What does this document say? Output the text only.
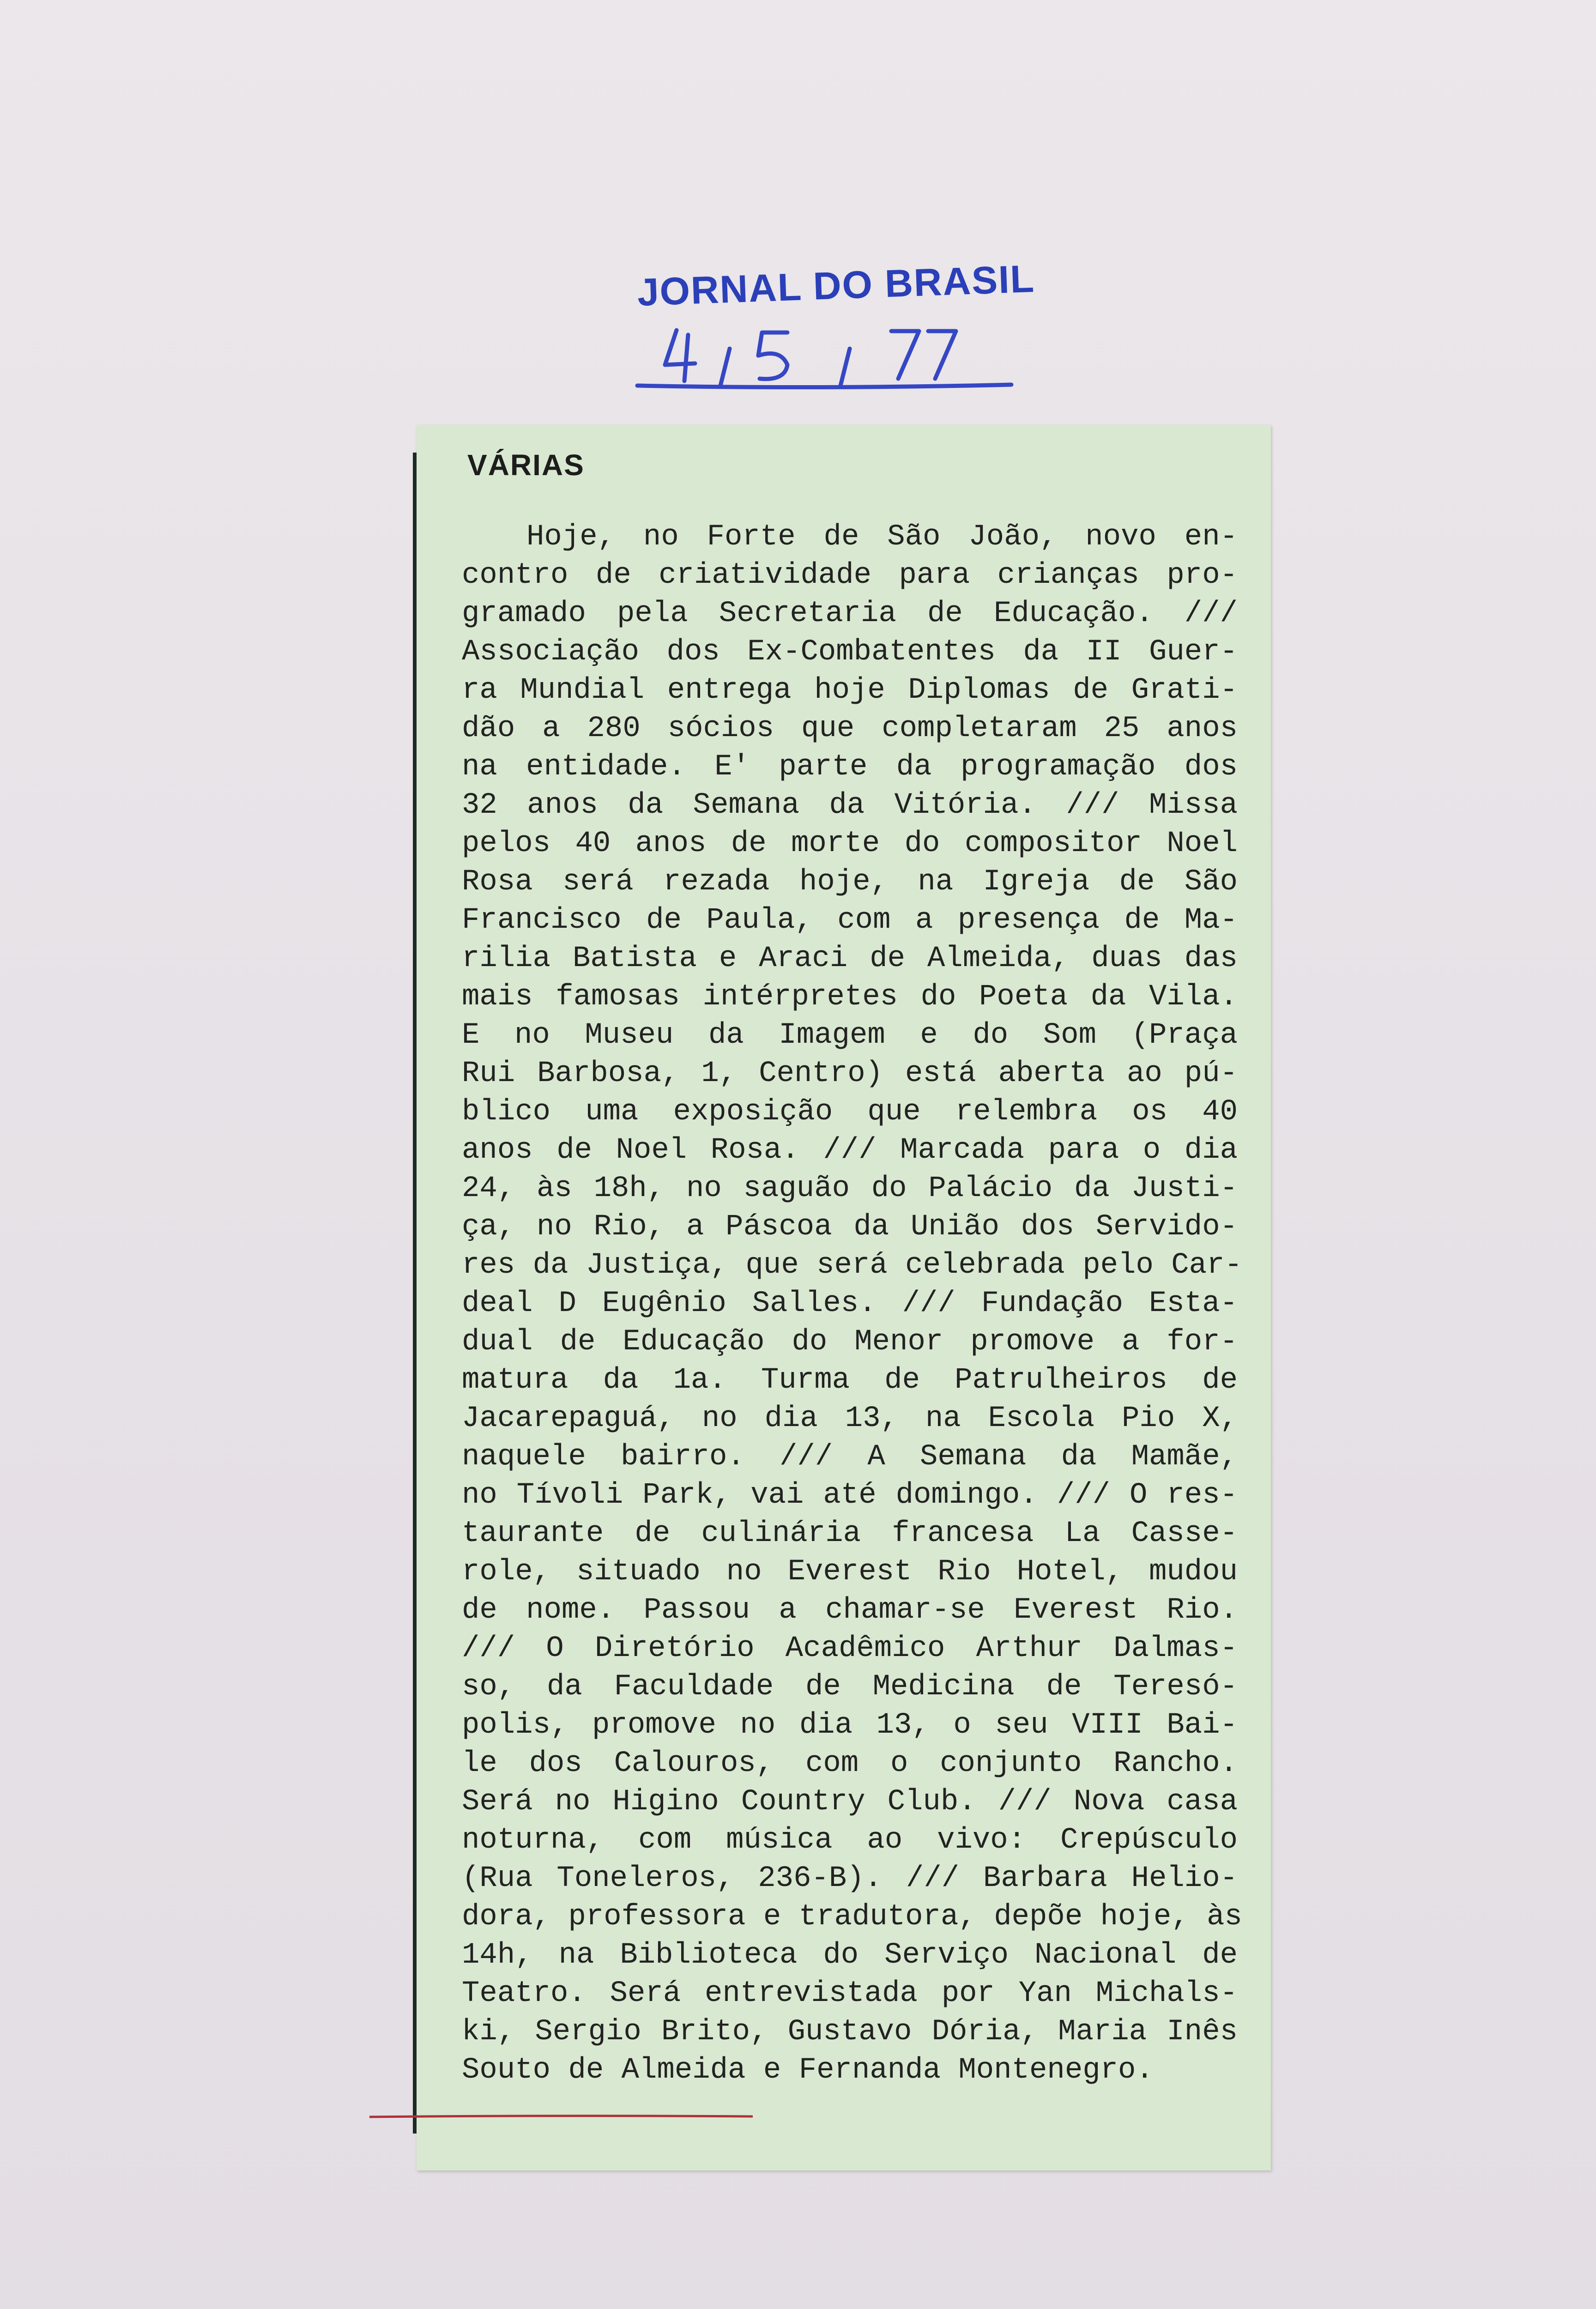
JORNAL DO BRASIL
VÁRIAS
Hoje, no Forte de São João, novo en-
contro de criatividade para crianças pro-
gramado pela Secretaria de Educação. ///
Associação dos Ex-Combatentes da II Guer-
ra Mundial entrega hoje Diplomas de Grati-
dão a 280 sócios que completaram 25 anos
na entidade. E' parte da programação dos
32 anos da Semana da Vitória. /// Missa
pelos 40 anos de morte do compositor Noel
Rosa será rezada hoje, na Igreja de São
Francisco de Paula, com a presença de Ma-
rilia Batista e Araci de Almeida, duas das
mais famosas intérpretes do Poeta da Vila.
E no Museu da Imagem e do Som (Praça
Rui Barbosa, 1, Centro) está aberta ao pú-
blico uma exposição que relembra os 40
anos de Noel Rosa. /// Marcada para o dia
24, às 18h, no saguão do Palácio da Justi-
ça, no Rio, a Páscoa da União dos Servido-
res da Justiça, que será celebrada pelo Car-
deal D Eugênio Salles. /// Fundação Esta-
dual de Educação do Menor promove a for-
matura da 1a. Turma de Patrulheiros de
Jacarepaguá, no dia 13, na Escola Pio X,
naquele bairro. /// A Semana da Mamãe,
no Tívoli Park, vai até domingo. /// O res-
taurante de culinária francesa La Casse-
role, situado no Everest Rio Hotel, mudou
de nome. Passou a chamar-se Everest Rio.
/// O Diretório Acadêmico Arthur Dalmas-
so, da Faculdade de Medicina de Teresó-
polis, promove no dia 13, o seu VIII Bai-
le dos Calouros, com o conjunto Rancho.
Será no Higino Country Club. /// Nova casa
noturna, com música ao vivo: Crepúsculo
(Rua Toneleros, 236-B). /// Barbara Helio-
dora, professora e tradutora, depõe hoje, às
14h, na Biblioteca do Serviço Nacional de
Teatro. Será entrevistada por Yan Michals-
ki, Sergio Brito, Gustavo Dória, Maria Inês
Souto de Almeida e Fernanda Montenegro.
